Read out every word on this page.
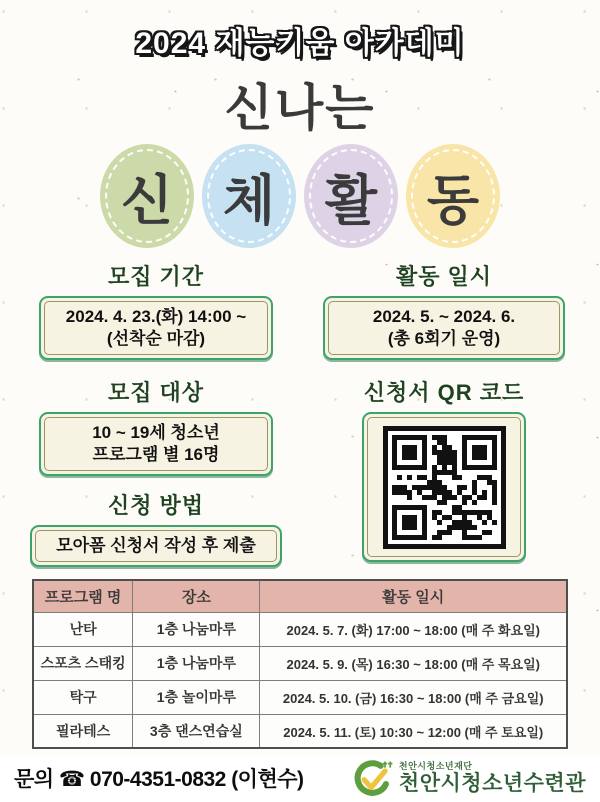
2024 재능키움 아카데미
신나는
신 체 활 동
모집 기간
2024. 4. 23.(화) 14:00 ~
(선착순 마감)
모집 대상
10 ~ 19세 청소년
프로그램 별 16명
신청 방법
모아폼 신청서 작성 후 제출
활동 일시
2024. 5. ~ 2024. 6.
(총 6회기 운영)
신청서 QR 코드
프로그램 명	장소	활동 일시
난타	1층 나눔마루	2024. 5. 7. (화) 17:00 ~ 18:00 (매 주 화요일)
스포츠 스태킹	1층 나눔마루	2024. 5. 9. (목) 16:30 ~ 18:00 (매 주 목요일)
탁구	1층 놀이마루	2024. 5. 10. (금) 16:30 ~ 18:00 (매 주 금요일)
필라테스	3층 댄스연습실	2024. 5. 11. (토) 10:30 ~ 12:00 (매 주 토요일)
문의 ☎ 070-4351-0832 (이현수)
천안시청소년재단
천안시청소년수련관
